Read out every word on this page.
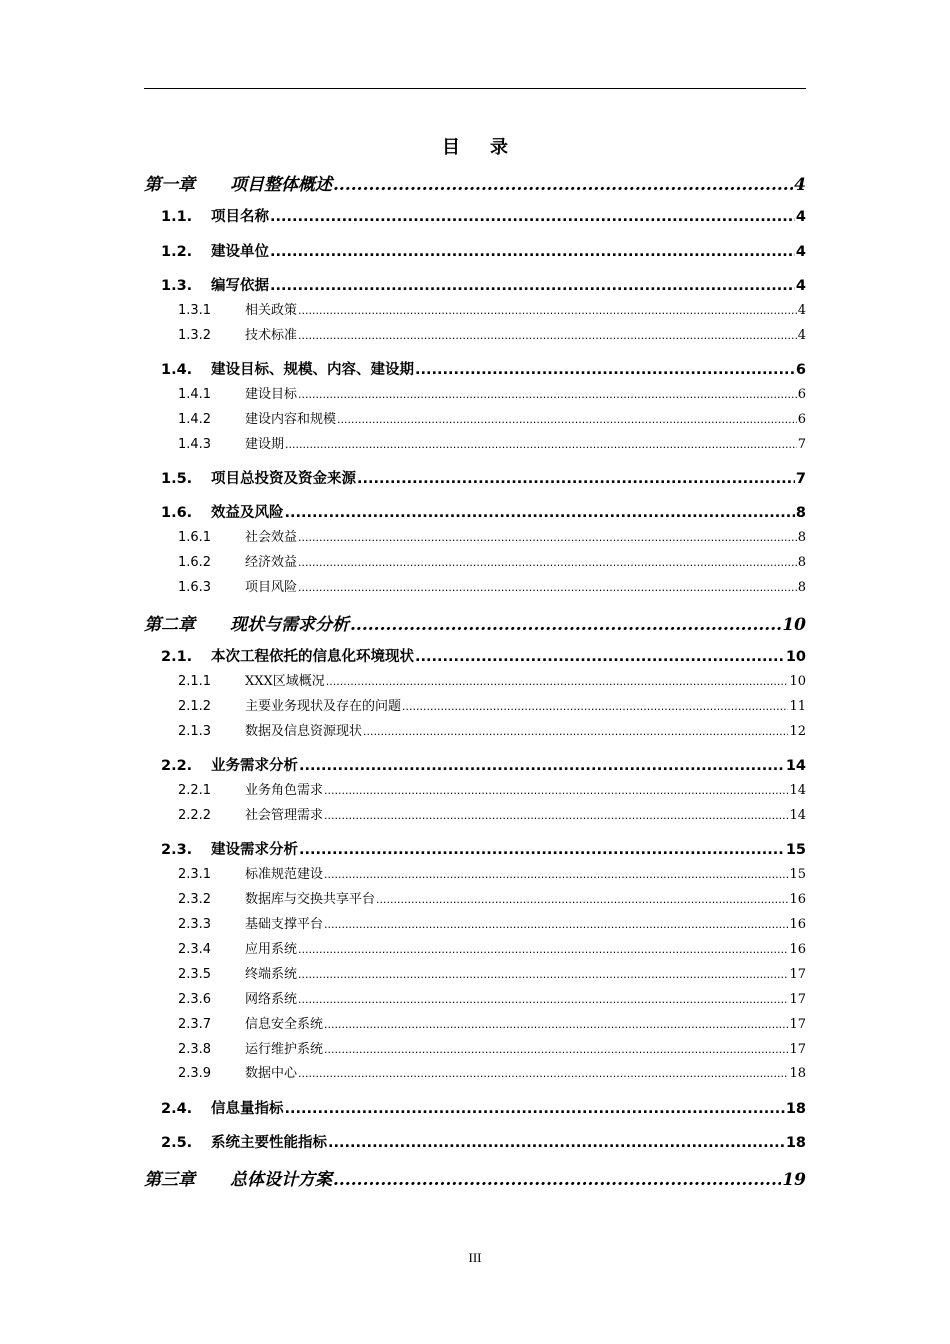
目 录
第一章	项目整体概述 .....	4
1.1.	项目名称 .....	4
1.2.	建设单位 .....	4
1.3.	编写依据 .....	4
1.3.1	相关政策 .....	4
1.3.2	技术标准 .....	4
1.4.	建设目标、规模、内容、建设期 .....	6
1.4.1	建设目标 .....	6
1.4.2	建设内容和规模 .....	6
1.4.3	建设期 .....	7
1.5.	项目总投资及资金来源 .....	7
1.6.	效益及风险 .....	8
1.6.1	社会效益 .....	8
1.6.2	经济效益 .....	8
1.6.3	项目风险 .....	8
第二章	现状与需求分析 .....	10
2.1.	本次工程依托的信息化环境现状 .....	10
2.1.1	XXX区域概况 .....	10
2.1.2	主要业务现状及存在的问题 .....	11
2.1.3	数据及信息资源现状 .....	12
2.2.	业务需求分析 .....	14
2.2.1	业务角色需求 .....	14
2.2.2	社会管理需求 .....	14
2.3.	建设需求分析 .....	15
2.3.1	标准规范建设 .....	15
2.3.2	数据库与交换共享平台 .....	16
2.3.3	基础支撑平台 .....	16
2.3.4	应用系统 .....	16
2.3.5	终端系统 .....	17
2.3.6	网络系统 .....	17
2.3.7	信息安全系统 .....	17
2.3.8	运行维护系统 .....	17
2.3.9	数据中心 .....	18
2.4.	信息量指标 .....	18
2.5.	系统主要性能指标 .....	18
第三章	总体设计方案 .....	19
III
